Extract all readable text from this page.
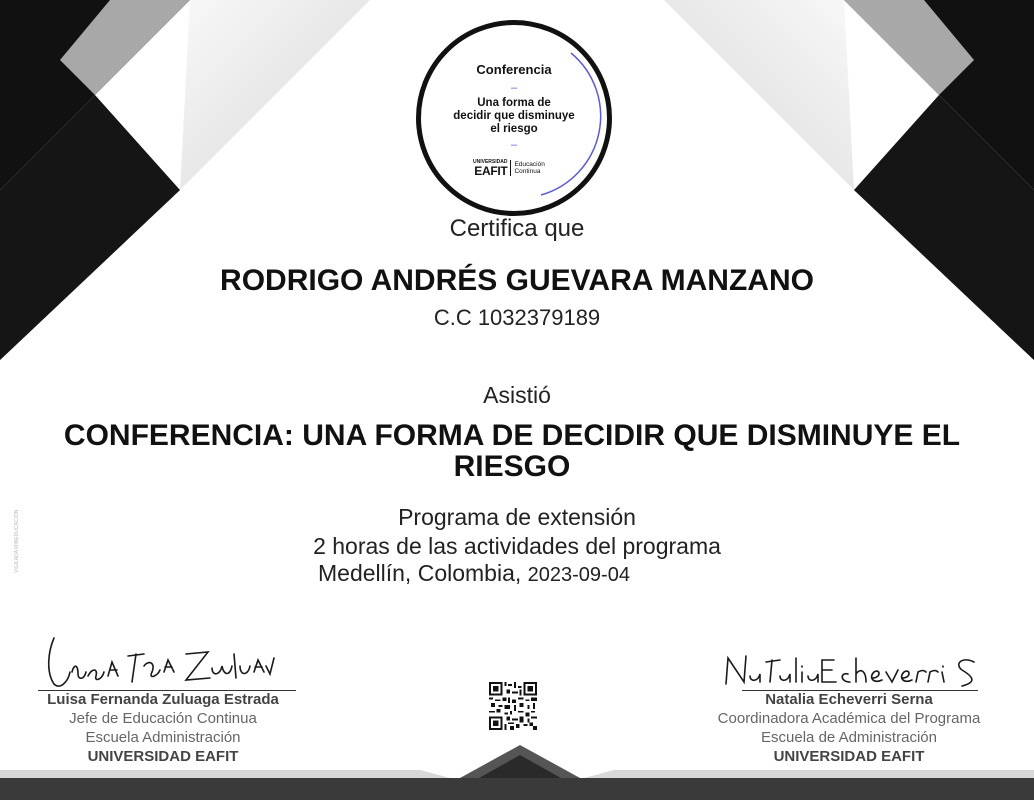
VIGILADA MINEDUCACIÓN
Conferencia
–
Una forma de
decidir que disminuye
el riesgo
–
UNIVERSIDAD
EAFIT Educación
Continua
Certifica que
RODRIGO ANDRÉS GUEVARA MANZANO
C.C 1032379189
Asistió
CONFERENCIA: UNA FORMA DE DECIDIR QUE DISMINUYE EL
RIESGO
Programa de extensión
2 horas de las actividades del programa
Medellín, Colombia, 2023-09-04
Luisa Fernanda Zuluaga Estrada
Jefe de Educación Continua
Escuela Administración
UNIVERSIDAD EAFIT
Natalia Echeverri Serna
Coordinadora Académica del Programa
Escuela de Administración
UNIVERSIDAD EAFIT
